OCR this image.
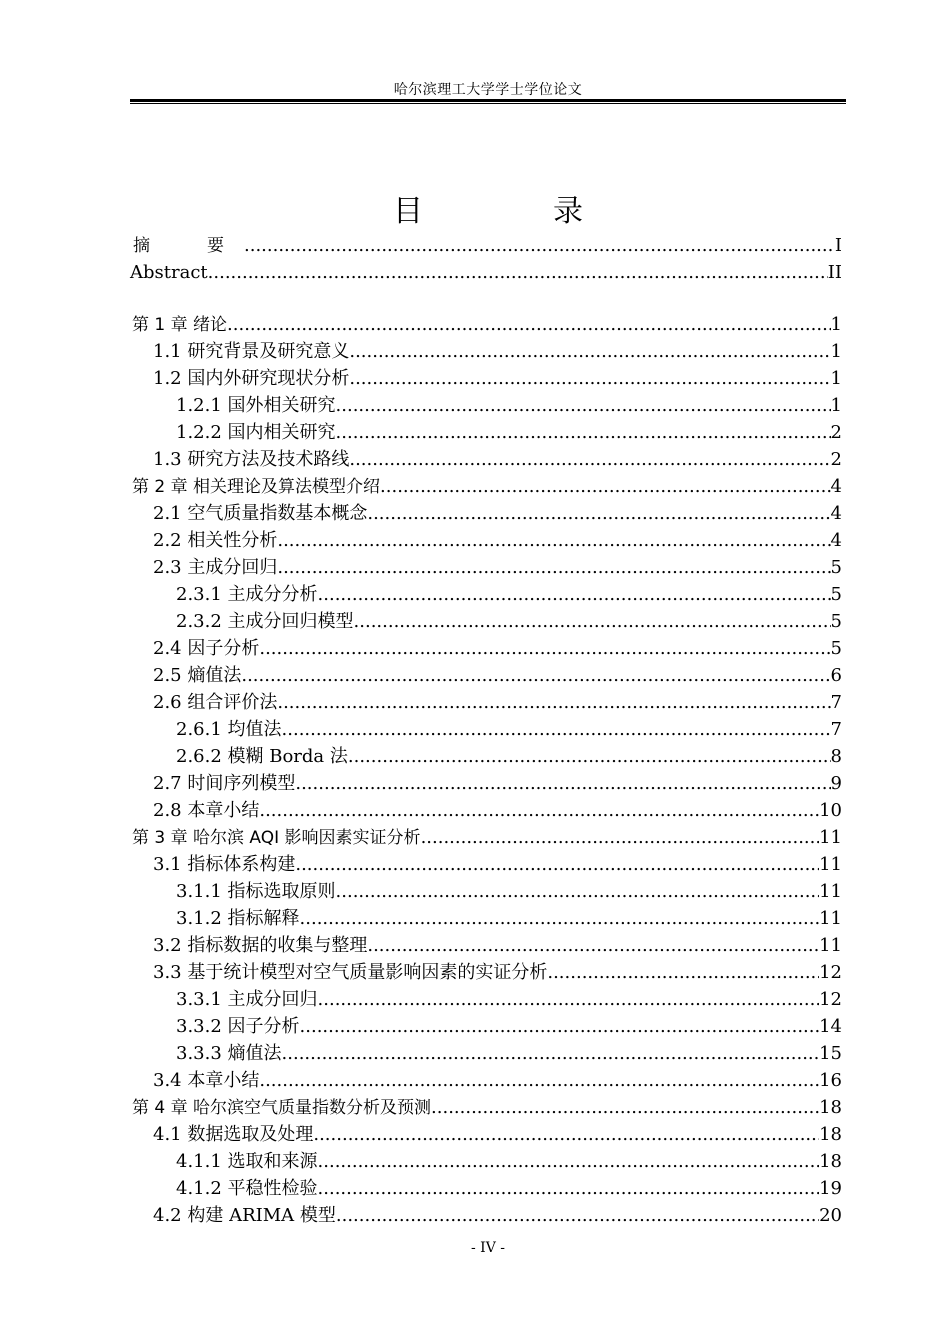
哈尔滨理工大学学士学位论文
目　录
摘　要 .....	I
Abstract .....	II
第 1 章 绪论 .....	1
1.1 研究背景及研究意义 .....	1
1.2 国内外研究现状分析 .....	1
1.2.1 国外相关研究 .....	1
1.2.2 国内相关研究 .....	2
1.3 研究方法及技术路线 .....	2
第 2 章 相关理论及算法模型介绍 .....	4
2.1 空气质量指数基本概念 .....	4
2.2 相关性分析 .....	4
2.3 主成分回归 .....	5
2.3.1 主成分分析 .....	5
2.3.2 主成分回归模型 .....	5
2.4 因子分析 .....	5
2.5 熵值法 .....	6
2.6 组合评价法 .....	7
2.6.1 均值法 .....	7
2.6.2 模糊 Borda 法 .....	8
2.7 时间序列模型 .....	9
2.8 本章小结 .....	10
第 3 章 哈尔滨 AQI 影响因素实证分析 .....	11
3.1 指标体系构建 .....	11
3.1.1 指标选取原则 .....	11
3.1.2 指标解释 .....	11
3.2 指标数据的收集与整理 .....	11
3.3 基于统计模型对空气质量影响因素的实证分析 .....	12
3.3.1 主成分回归 .....	12
3.3.2 因子分析 .....	14
3.3.3 熵值法 .....	15
3.4 本章小结 .....	16
第 4 章 哈尔滨空气质量指数分析及预测 .....	18
4.1 数据选取及处理 .....	18
4.1.1 选取和来源 .....	18
4.1.2 平稳性检验 .....	19
4.2 构建 ARIMA 模型 .....	20
- IV -
